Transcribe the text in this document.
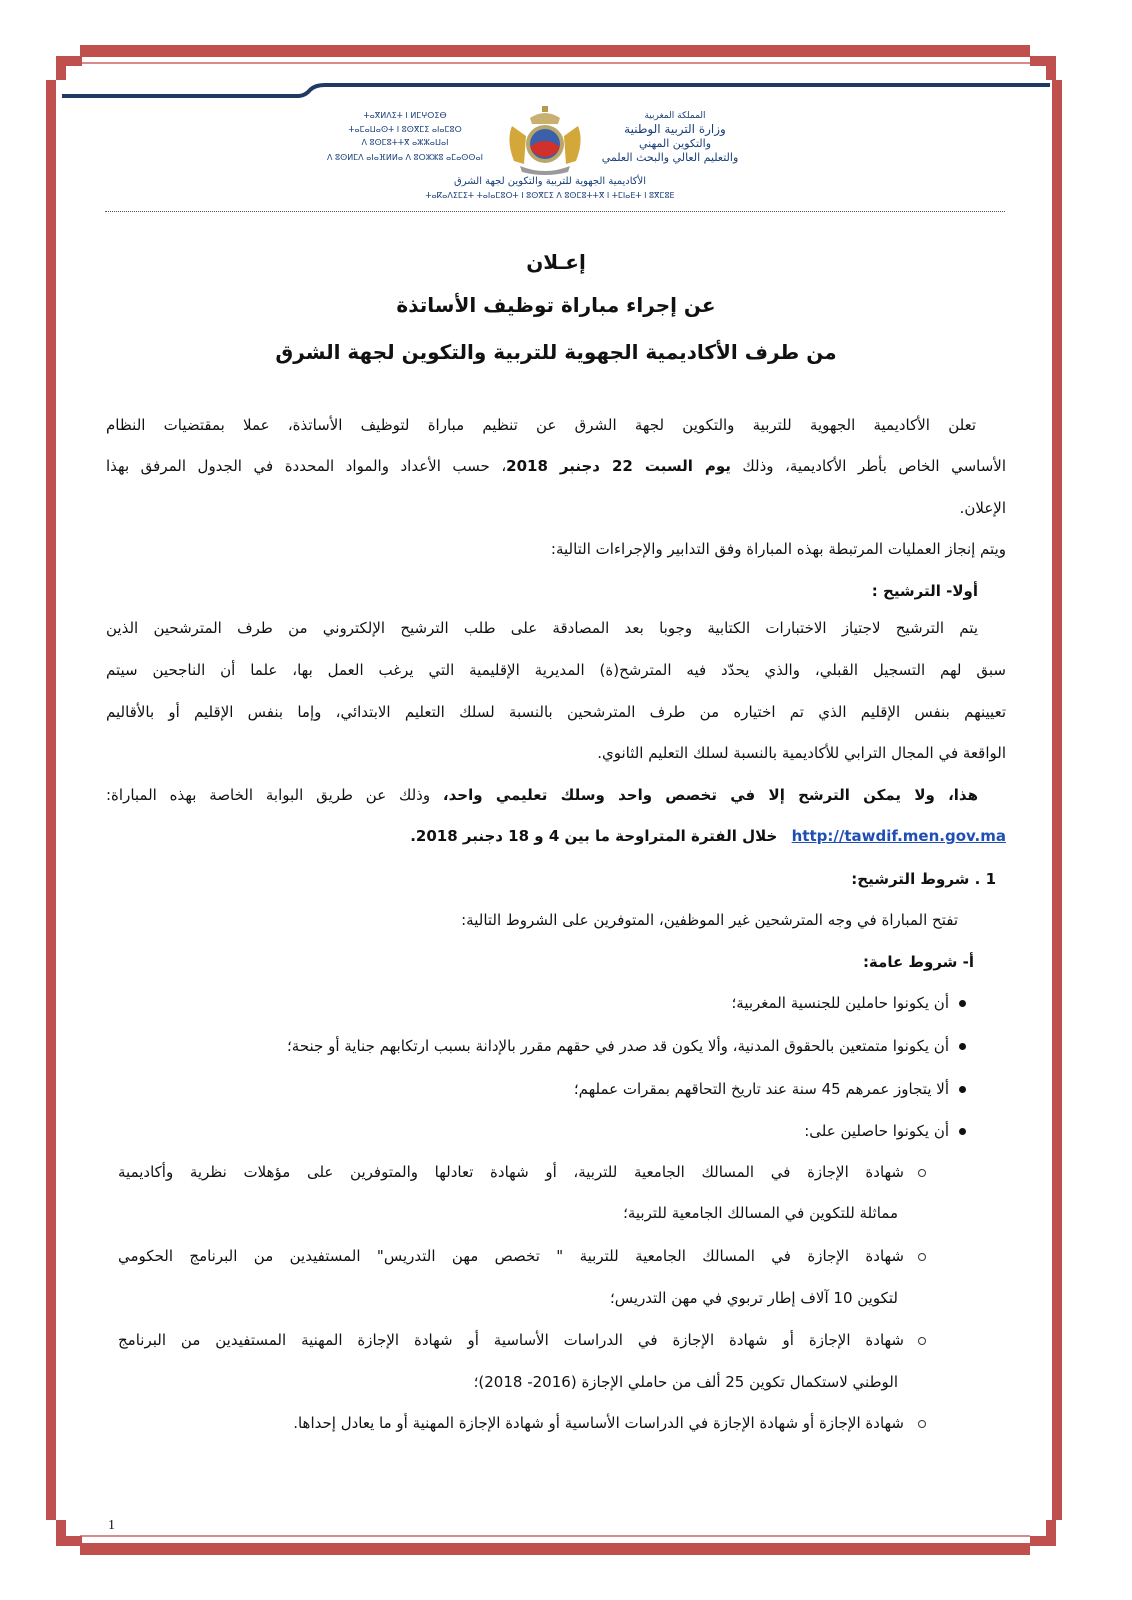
المملكة المغربية
وزارة التربية الوطنية
والتكوين المهني
والتعليم العالي والبحث العلمي
ⵜⴰⴳⵍⴷⵉⵜ ⵏ ⵍⵎⵖⵔⵉⴱ
ⵜⴰⵎⴰⵡⴰⵙⵜ ⵏ ⵓⵙⴳⵎⵉ ⴰⵏⴰⵎⵓⵔ
ⴷ ⵓⵙⵎⵓⵜⵜⴳ ⴰⵣⵣⴰⵡⴰⵏ
ⴷ ⵓⵙⵍⵎⴷ ⴰⵏⴰⴼⵍⵍⴰ ⴷ ⵓⵔⵣⵣⵓ ⴰⵎⴰⵙⵙⴰⵏ
الأكاديمية الجهوية للتربية والتكوين لجهة الشرق
ⵜⴰⴽⴰⴷⵉⵎⵉⵜ ⵜⴰⵏⴰⵎⵓⵔⵜ ⵏ ⵓⵙⴳⵎⵉ ⴷ ⵓⵙⵎⵓⵜⵜⴳ ⵏ ⵜⵎⵏⴰⴹⵜ ⵏ ⵓⴳⵎⵓⴹ
إعـلان
عن إجراء مباراة توظيف الأساتذة
من طرف الأكاديمية الجهوية للتربية والتكوين لجهة الشرق
تعلن الأكاديمية الجهوية للتربية والتكوين لجهة الشرق عن تنظيم مباراة لتوظيف الأساتذة، عملا بمقتضيات النظام
الأساسي الخاص بأطر الأكاديمية، وذلك يوم السبت 22 دجنبر 2018، حسب الأعداد والمواد المحددة في الجدول المرفق بهذا
الإعلان.
ويتم إنجاز العمليات المرتبطة بهذه المباراة وفق التدابير والإجراءات التالية:
أولا- الترشيح :
يتم الترشيح لاجتياز الاختبارات الكتابية وجوبا بعد المصادقة على طلب الترشيح الإلكتروني من طرف المترشحين الذين
سبق لهم التسجيل القبلي، والذي يحدّد فيه المترشح(ة) المديرية الإقليمية التي يرغب العمل بها، علما أن الناجحين سيتم
تعيينهم بنفس الإقليم الذي تم اختياره من طرف المترشحين بالنسبة لسلك التعليم الابتدائي، وإما بنفس الإقليم أو بالأقاليم
الواقعة في المجال الترابي للأكاديمية بالنسبة لسلك التعليم الثانوي.
هذا، ولا يمكن الترشح إلا في تخصص واحد وسلك تعليمي واحد، وذلك عن طريق البوابة الخاصة بهذه المباراة:
http://tawdif.men.gov.ma   خلال الفترة المتراوحة ما بين 4 و 18 دجنبر 2018.
1 . شروط الترشيح:
تفتح المباراة في وجه المترشحين غير الموظفين، المتوفرين على الشروط التالية:
أ- شروط عامة:
أن يكونوا حاملين للجنسية المغربية؛
أن يكونوا متمتعين بالحقوق المدنية، وألا يكون قد صدر في حقهم مقرر بالإدانة بسبب ارتكابهم جناية أو جنحة؛
ألا يتجاوز عمرهم 45 سنة عند تاريخ التحاقهم بمقرات عملهم؛
أن يكونوا حاصلين على:
شهادة الإجازة في المسالك الجامعية للتربية، أو شهادة تعادلها والمتوفرين على مؤهلات نظرية وأكاديمية
مماثلة للتكوين في المسالك الجامعية للتربية؛
شهادة الإجازة في المسالك الجامعية للتربية " تخصص مهن التدريس" المستفيدين من البرنامج الحكومي
لتكوين 10 آلاف إطار تربوي في مهن التدريس؛
شهادة الإجازة أو شهادة الإجازة في الدراسات الأساسية أو شهادة الإجازة المهنية المستفيدين من البرنامج
الوطني لاستكمال تكوين 25 ألف من حاملي الإجازة (2016- 2018)؛
شهادة الإجازة أو شهادة الإجازة في الدراسات الأساسية أو شهادة الإجازة المهنية أو ما يعادل إحداها.
1
